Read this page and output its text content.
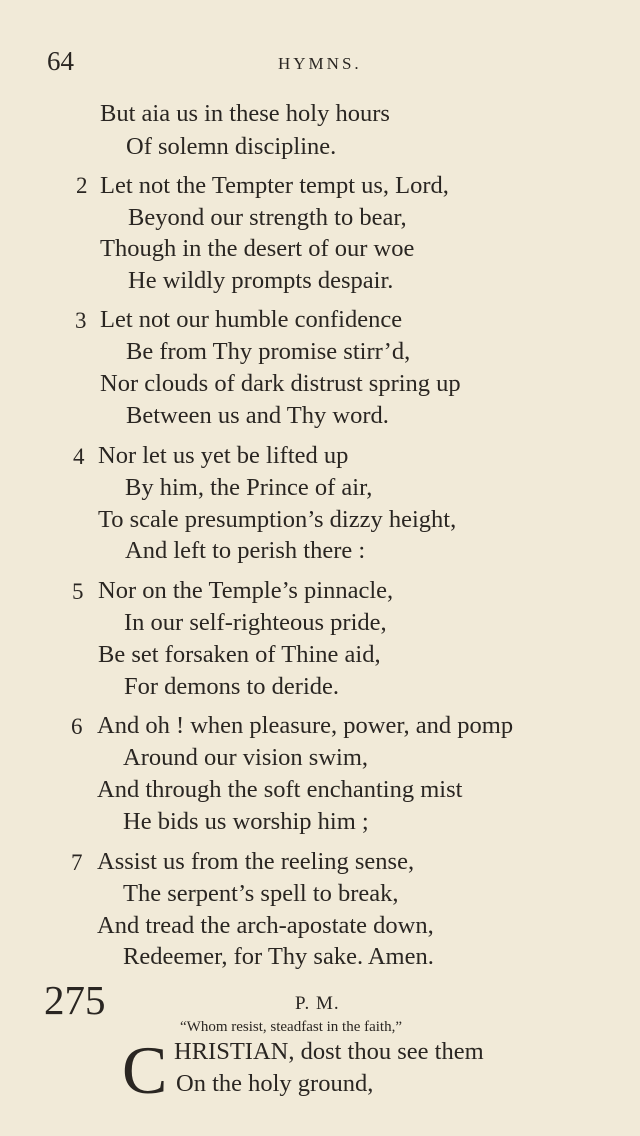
64	HYMNS.
But aia us in these holy hours
Of solemn discipline.
2 Let not the Tempter tempt us, Lord,
Beyond our strength to bear,
Though in the desert of our woe
He wildly prompts despair.
3 Let not our humble confidence
Be from Thy promise stirr’d,
Nor clouds of dark distrust spring up
Between us and Thy word.
4 Nor let us yet be lifted up
By him, the Prince of air,
To scale presumption’s dizzy height,
And left to perish there :
5 Nor on the Temple’s pinnacle,
In our self-righteous pride,
Be set forsaken of Thine aid,
For demons to deride.
6 And oh ! when pleasure, power, and pomp
Around our vision swim,
And through the soft enchanting mist
He bids us worship him ;
7 Assist us from the reeling sense,
The serpent’s spell to break,
And tread the arch-apostate down,
Redeemer, for Thy sake. Amen.
275	P. M.
“Whom resist, steadfast in the faith,”
C HRISTIAN, dost thou see them
On the holy ground,
